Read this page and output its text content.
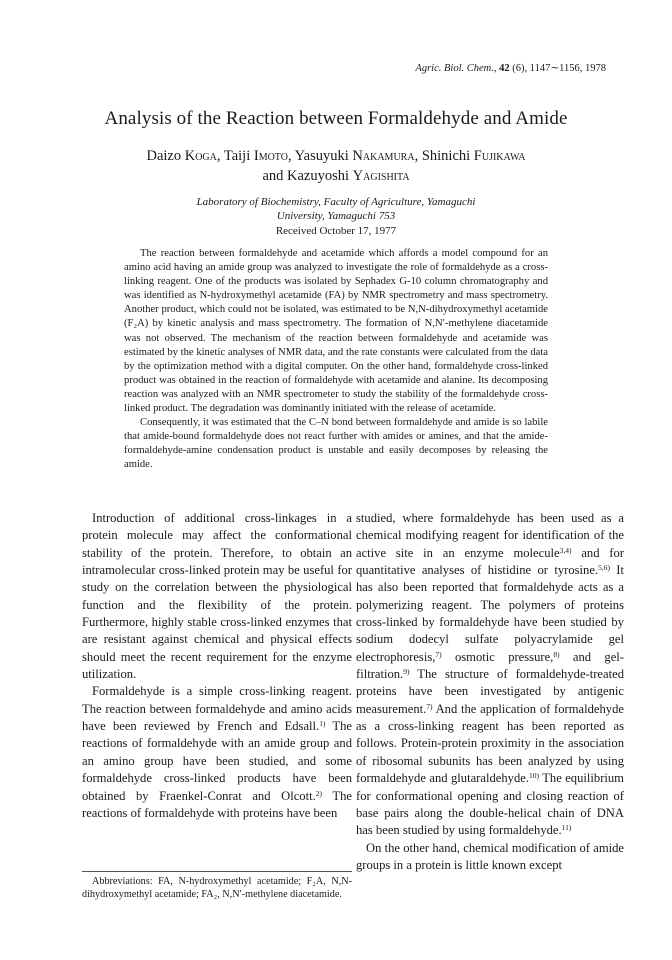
Agric. Biol. Chem., 42 (6), 1147∼1156, 1978
Analysis of the Reaction between Formaldehyde and Amide
Daizo Koga, Taiji Imoto, Yasuyuki Nakamura, Shinichi Fujikawa
and Kazuyoshi Yagishita
Laboratory of Biochemistry, Faculty of Agriculture, Yamaguchi
University, Yamaguchi 753
Received October 17, 1977

The reaction between formaldehyde and acetamide which affords a model compound for an amino acid having an amide group was analyzed to investigate the role of formaldehyde as a cross-linking reagent. One of the products was isolated by Sephadex G-10 column chromatography and was identified as N-hydroxymethyl acetamide (FA) by NMR spectrometry and mass spectrometry. Another product, which could not be isolated, was estimated to be N,N-dihydroxymethyl acetamide (F₂A) by kinetic analysis and mass spectrometry. The formation of N,N′-methylene diacetamide was not observed. The mechanism of the reaction between formaldehyde and acetamide was estimated by the kinetic analyses of NMR data, and the rate constants were calculated from the data by the optimization method with a digital computer. On the other hand, formaldehyde cross-linked product was obtained in the reaction of formaldehyde with acetamide and alanine. Its decomposing reaction was analyzed with an NMR spectrometer to study the stability of the formaldehyde cross-linked product. The degradation was dominantly initiated with the release of acetamide.

Consequently, it was estimated that the C–N bond between formaldehyde and amide is so labile that amide-bound formaldehyde does not react further with amides or amines, and that the amide-formaldehyde-amine condensation product is unstable and easily decomposes by releasing the amide.

Introduction of additional cross-linkages in a protein molecule may affect the conformational stability of the protein. Therefore, to obtain an intramolecular cross-linked protein may be useful for study on the correlation between the physiological function and the flexibility of the protein. Furthermore, highly stable cross-linked enzymes that are resistant against chemical and physical effects should meet the recent requirement for the enzyme utilization.

Formaldehyde is a simple cross-linking reagent. The reaction between formaldehyde and amino acids have been reviewed by French and Edsall.$^{1)}$ The reactions of formaldehyde with an amide group and an amino group have been studied, and some formaldehyde cross-linked products have been obtained by Fraenkel-Conrat and Olcott.$^{2)}$ The reactions of formaldehyde with proteins have been

Abbreviations: FA, N-hydroxymethyl acetamide; F₂A, N,N-dihydroxymethyl acetamide; FA₂, N,N′-methylene diacetamide.

studied, where formaldehyde has been used as a chemical modifying reagent for identification of the active site in an enzyme molecule$^{3,4)}$ and for quantitative analyses of histidine or tyrosine.$^{5,6)}$ It has also been reported that formaldehyde acts as a polymerizing reagent. The polymers of proteins cross-linked by formaldehyde have been studied by sodium dodecyl sulfate polyacrylamide gel electrophoresis,$^{7)}$ osmotic pressure,$^{8)}$ and gel-filtration.$^{9)}$ The structure of formaldehyde-treated proteins have been investigated by antigenic measurement.$^{7)}$ And the application of formaldehyde as a cross-linking reagent has been reported as follows. Protein-protein proximity in the association of ribosomal subunits has been analyzed by using formaldehyde and glutaraldehyde.$^{10)}$ The equilibrium for conformational opening and closing reaction of base pairs along the double-helical chain of DNA has been studied by using formaldehyde.$^{11)}$

On the other hand, chemical modification of amide groups in a protein is little known except
